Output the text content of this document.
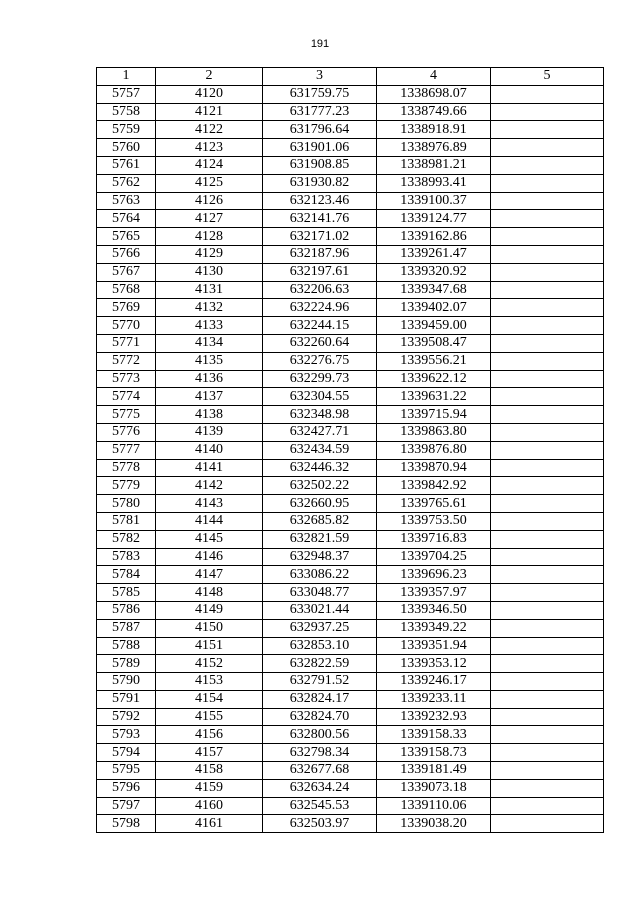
191
1	2	3	4	5
5757	4120	631759.75	1338698.07	
5758	4121	631777.23	1338749.66	
5759	4122	631796.64	1338918.91	
5760	4123	631901.06	1338976.89	
5761	4124	631908.85	1338981.21	
5762	4125	631930.82	1338993.41	
5763	4126	632123.46	1339100.37	
5764	4127	632141.76	1339124.77	
5765	4128	632171.02	1339162.86	
5766	4129	632187.96	1339261.47	
5767	4130	632197.61	1339320.92	
5768	4131	632206.63	1339347.68	
5769	4132	632224.96	1339402.07	
5770	4133	632244.15	1339459.00	
5771	4134	632260.64	1339508.47	
5772	4135	632276.75	1339556.21	
5773	4136	632299.73	1339622.12	
5774	4137	632304.55	1339631.22	
5775	4138	632348.98	1339715.94	
5776	4139	632427.71	1339863.80	
5777	4140	632434.59	1339876.80	
5778	4141	632446.32	1339870.94	
5779	4142	632502.22	1339842.92	
5780	4143	632660.95	1339765.61	
5781	4144	632685.82	1339753.50	
5782	4145	632821.59	1339716.83	
5783	4146	632948.37	1339704.25	
5784	4147	633086.22	1339696.23	
5785	4148	633048.77	1339357.97	
5786	4149	633021.44	1339346.50	
5787	4150	632937.25	1339349.22	
5788	4151	632853.10	1339351.94	
5789	4152	632822.59	1339353.12	
5790	4153	632791.52	1339246.17	
5791	4154	632824.17	1339233.11	
5792	4155	632824.70	1339232.93	
5793	4156	632800.56	1339158.33	
5794	4157	632798.34	1339158.73	
5795	4158	632677.68	1339181.49	
5796	4159	632634.24	1339073.18	
5797	4160	632545.53	1339110.06	
5798	4161	632503.97	1339038.20	
